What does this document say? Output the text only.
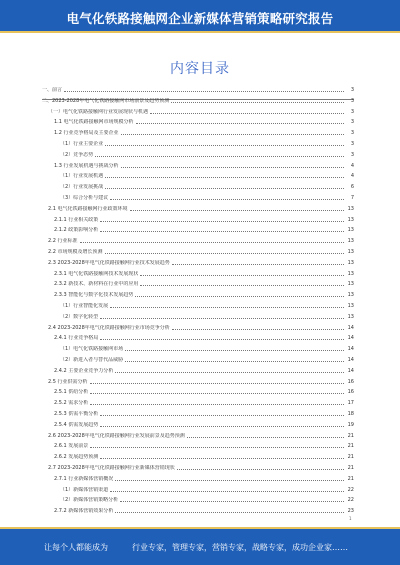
电气化铁路接触网企业新媒体营销策略研究报告
内容目录
一、前言	3
二、2023-2028年电气化铁路接触网市场前景及趋势预测	3
（一）电气化铁路接触网行业发展现状与机遇	3
1.1 电气化铁路接触网市场规模分析	3
1.2 行业竞争格局及主要企业	3
（1）行业主要企业	3
（2）竞争态势	3
1.3 行业发展机遇与挑战分析	4
（1）行业发展机遇	4
（2）行业发展挑战	6
（3）综合分析与建议	7
2.1 电气化铁路接触网行业政策环境	13
2.1.1 行业相关政策	13
2.1.2 政策影响分析	13
2.2 行业标准	13
2.2 市场规模及增长预测	13
2.3 2023-2028年电气化铁路接触网行业技术发展趋势	13
2.3.1 电气化铁路接触网技术发展现状	13
2.3.2 新技术、新材料在行业中的应用	13
2.3.3 智能化与数字化技术发展趋势	13
（1）行业智能化发展	13
（2）数字化转型	13
2.4 2023-2028年电气化铁路接触网行业市场竞争分析	14
2.4.1 行业竞争格局	14
（1）电气化铁路接触网市场	14
（2）新进入者与替代品威胁	14
2.4.2 主要企业竞争力分析	14
2.5 行业供需分析	16
2.5.1 供给分析	16
2.5.2 需求分析	17
2.5.3 供需平衡分析	18
2.5.4 供需发展趋势	19
2.6 2023-2028年电气化铁路接触网行业发展前景及趋势预测	21
2.6.1 发展前景	21
2.6.2 发展趋势预测	21
2.7 2023-2028年电气化铁路接触网行业新媒体营销现状	21
2.7.1 行业新媒体营销概况	21
（1）新媒体营销渠道	22
（2）新媒体营销策略分析	22
2.7.2 新媒体营销效果分析	23
1
让每个人都能成为	行业专家，管理专家，营销专家，战略专家，成功企业家……
